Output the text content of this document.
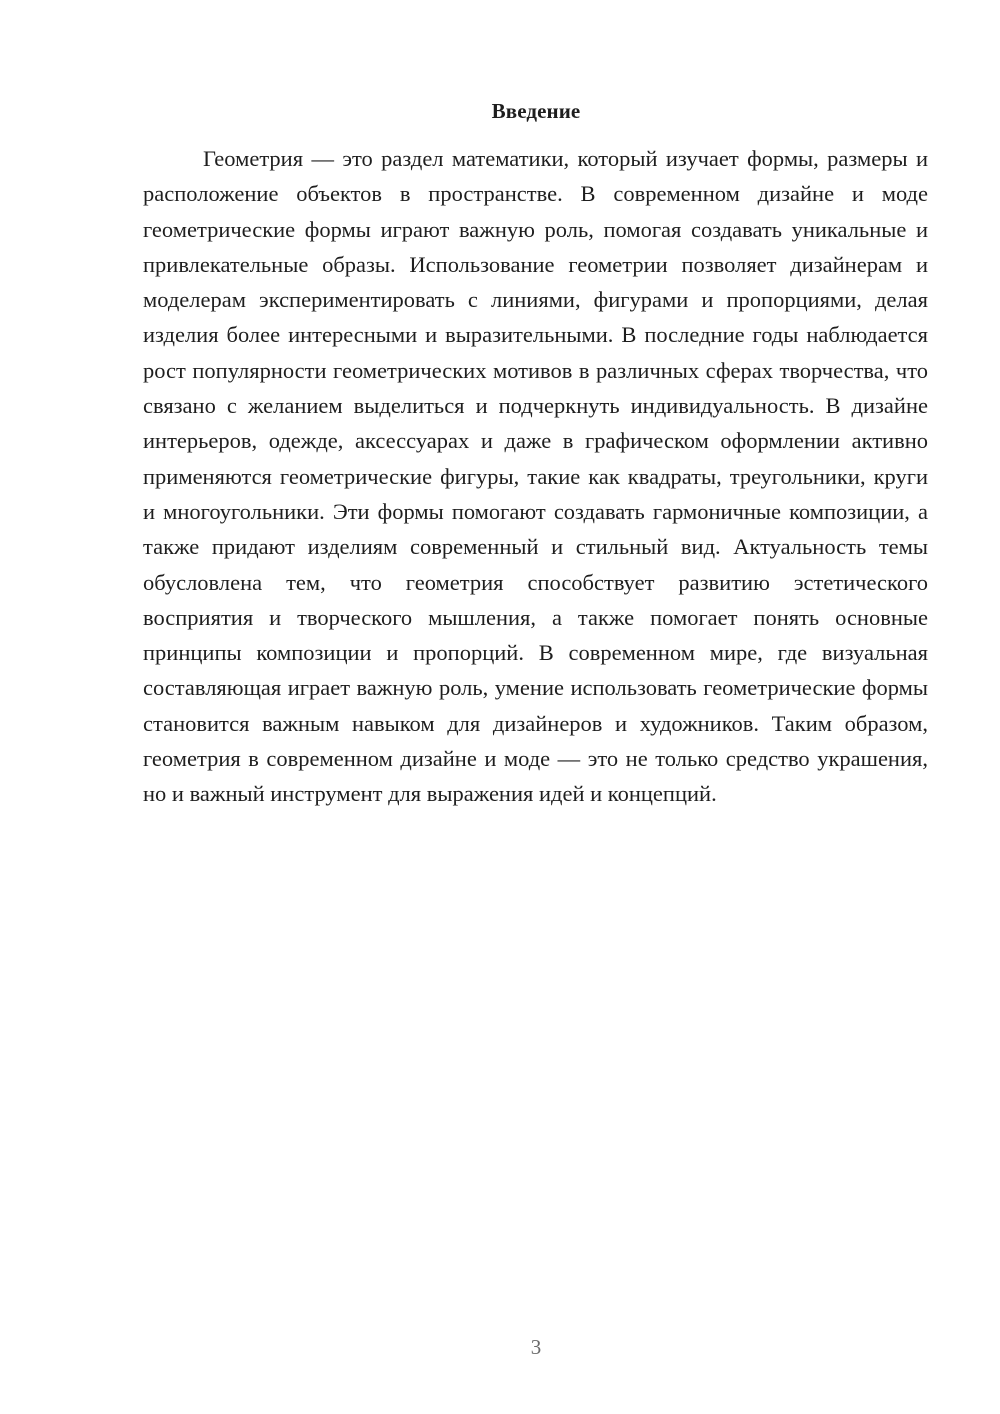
Введение

Геометрия — это раздел математики, который изучает формы, размеры и расположение объектов в пространстве. В современном дизайне и моде геометрические формы играют важную роль, помогая создавать уникальные и привлекательные образы. Использование геометрии позволяет дизайнерам и моделерам экспериментировать с линиями, фигурами и пропорциями, делая изделия более интересными и выразительными. В последние годы наблюдается рост популярности геометрических мотивов в различных сферах творчества, что связано с желанием выделиться и подчеркнуть индивидуальность. В дизайне интерьеров, одежде, аксессуарах и даже в графическом оформлении активно применяются геометрические фигуры, такие как квадраты, треугольники, круги и многоугольники. Эти формы помогают создавать гармоничные композиции, а также придают изделиям современный и стильный вид. Актуальность темы обусловлена тем, что геометрия способствует развитию эстетического восприятия и творческого мышления, а также помогает понять основные принципы композиции и пропорций. В современном мире, где визуальная составляющая играет важную роль, умение использовать геометрические формы становится важным навыком для дизайнеров и художников. Таким образом, геометрия в современном дизайне и моде — это не только средство украшения, но и важный инструмент для выражения идей и концепций.

3
